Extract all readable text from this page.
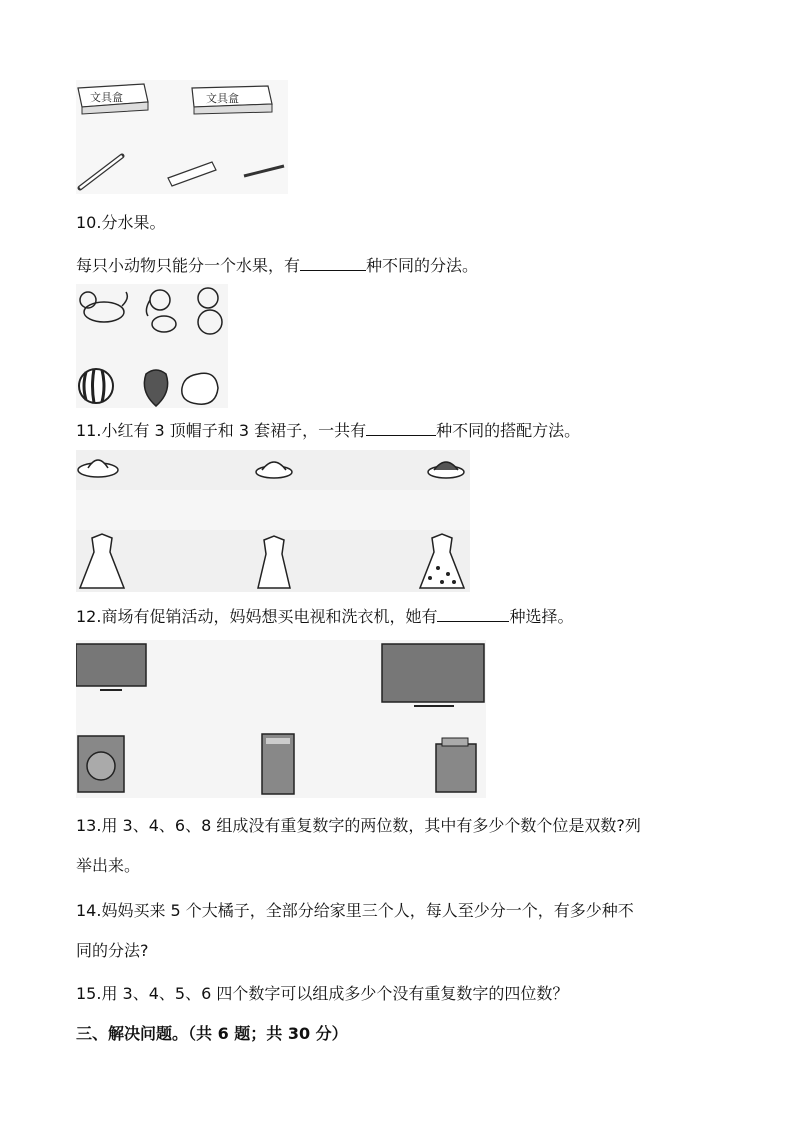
文具盒	文具盒
10.分水果。
每只小动物只能分一个水果，有	种不同的分法。
11.小红有 3 顶帽子和 3 套裙子，一共有	种不同的搭配方法。
12.商场有促销活动，妈妈想买电视和洗衣机，她有	种选择。
13.用 3、4、6、8 组成没有重复数字的两位数，其中有多少个数个位是双数?列
举出来。
14.妈妈买来 5 个大橘子，全部分给家里三个人，每人至少分一个，有多少种不
同的分法?
15.用 3、4、5、6 四个数字可以组成多少个没有重复数字的四位数？
三、解决问题。（共 6 题；共 30 分）
